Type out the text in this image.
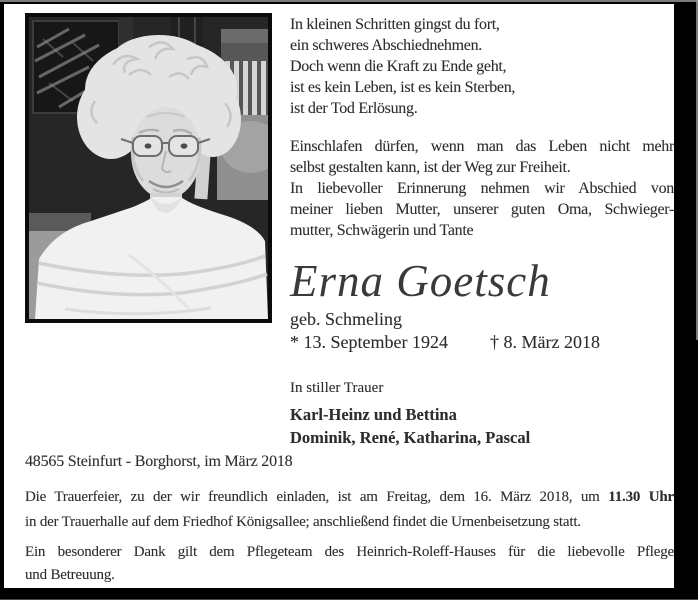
In kleinen Schritten gingst du fort,
ein schweres Abschiednehmen.
Doch wenn die Kraft zu Ende geht,
ist es kein Leben, ist es kein Sterben,
ist der Tod Erlösung.
Einschlafen dürfen, wenn man das Leben nicht mehr
selbst gestalten kann, ist der Weg zur Freiheit.
In liebevoller Erinnerung nehmen wir Abschied von
meiner lieben Mutter, unserer guten Oma, Schwieger-
mutter, Schwägerin und Tante
Erna Goetsch
geb. Schmeling
* 13. September 1924 † 8. März 2018
In stiller Trauer
Karl-Heinz und Bettina
Dominik, René, Katharina, Pascal
48565 Steinfurt - Borghorst, im März 2018
Die Trauerfeier, zu der wir freundlich einladen, ist am Freitag, dem 16. März 2018, um 11.30 Uhr
in der Trauerhalle auf dem Friedhof Königsallee; anschließend findet die Urnenbeisetzung statt.
Ein besonderer Dank gilt dem Pflegeteam des Heinrich-Roleff-Hauses für die liebevolle Pflege
und Betreuung.
